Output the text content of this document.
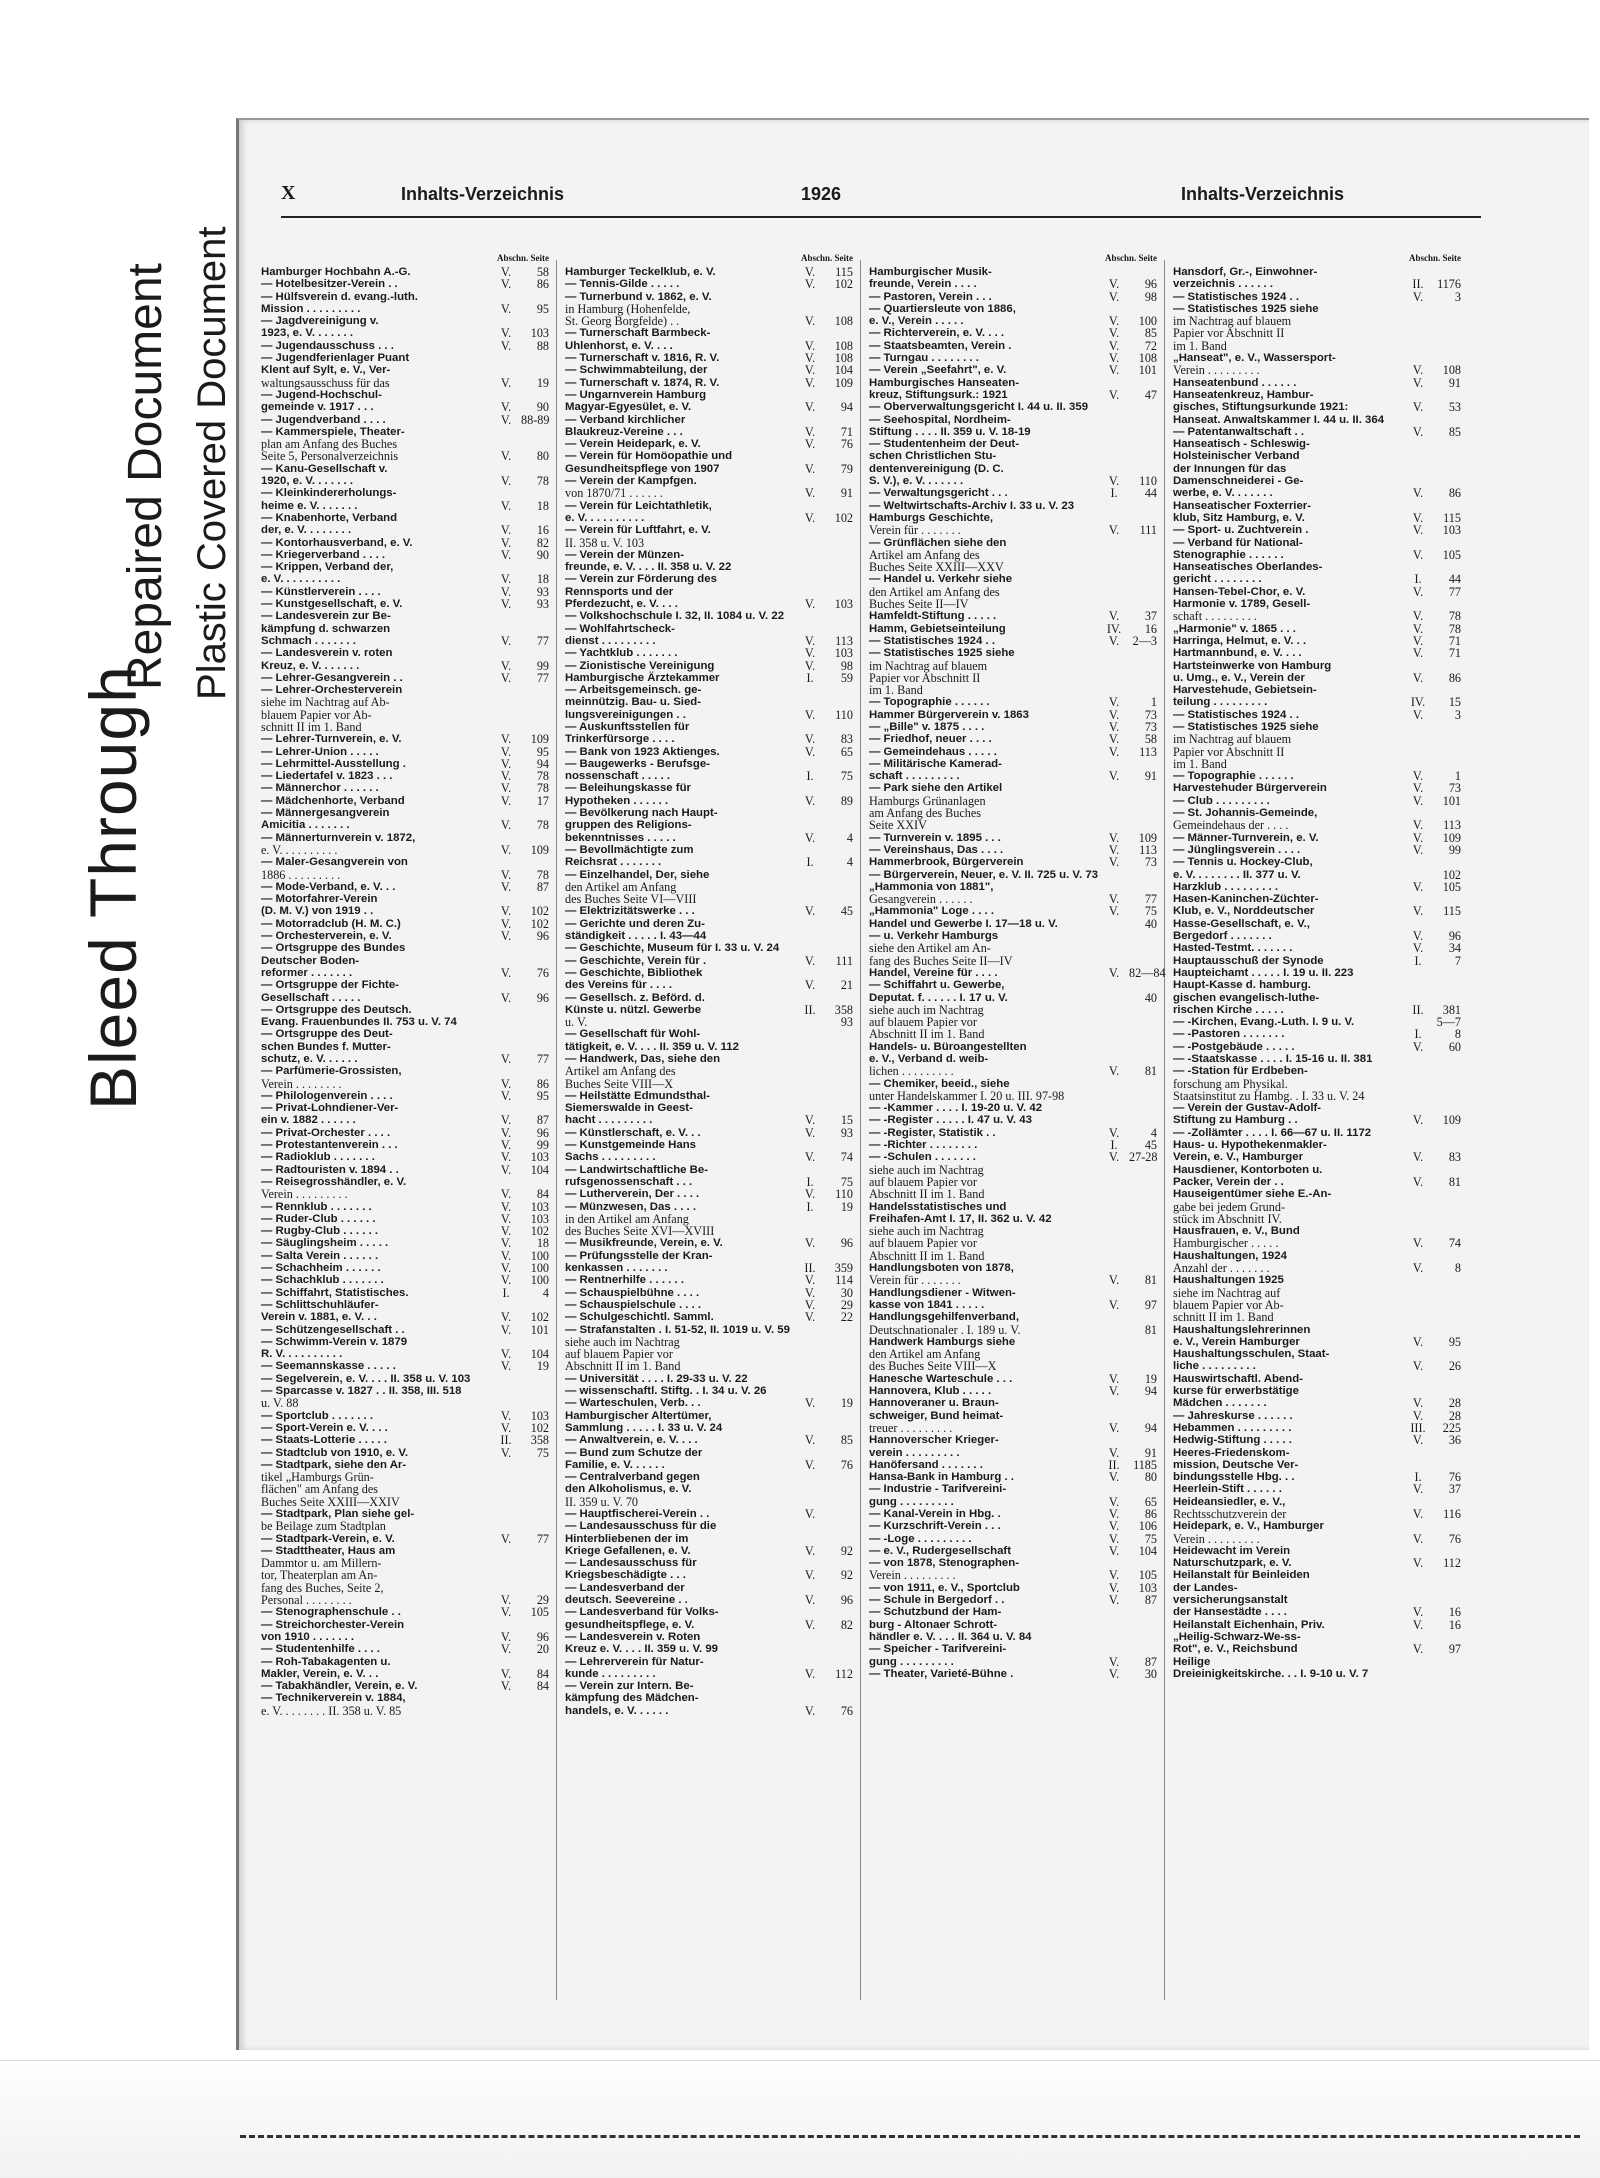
Bleed Through
Repaired Document Plastic Covered Document
X	Inhalts-Verzeichnis	1926	Inhalts-Verzeichnis
Abschn. Seite
Hamburger Hochbahn A.-G.	V.	58
— Hotelbesitzer-Verein . .	V.	86
— Hülfsverein d. evang.-luth.
Mission . . . . . . . . .	V.	95
— Jagdvereinigung v.
1923, e. V. . . . . . .	V.	103
— Jugendausschuss . . .	V.	88
— Jugendferienlager Puant
Klent auf Sylt, e. V., Ver-
waltungsausschuss für das	V.	19
— Jugend-Hochschul-
gemeinde v. 1917 . . .	V.	90
— Jugendverband . . . .	V. 88-89
— Kammerspiele, Theater-
plan am Anfang des Buches
Seite 5, Personalverzeichnis	V.	80
— Kanu-Gesellschaft v.
1920, e. V. . . . . . .	V.	78
— Kleinkindererholungs-
heime e. V. . . . . . .	V.	18
— Knabenhorte, Verband
der, e. V. . . . . . . .	V.	16
— Kontorhausverband, e. V.	V.	82
— Kriegerverband . . . .	V.	90
— Krippen, Verband der,
e. V. . . . . . . . . .	V.	18
— Künstlerverein . . . .	V.	93
— Kunstgesellschaft, e. V.	V.	93
— Landesverein zur Be-
kämpfung d. schwarzen
Schmach . . . . . . .	V.	77
— Landesverein v. roten
Kreuz, e. V. . . . . . .	V.	99
— Lehrer-Gesangverein . .	V.	77
— Lehrer-Orchesterverein
siehe im Nachtrag auf Ab-
blauem Papier vor Ab-
schnitt II im 1. Band
— Lehrer-Turnverein, e. V.	V.	109
— Lehrer-Union . . . . .	V.	95
— Lehrmittel-Ausstellung .	V.	94
— Liedertafel v. 1823 . . .	V.	78
— Männerchor . . . . . .	V.	78
— Mädchenhorte, Verband	V.	17
— Männergesangverein
Amicitia . . . . . . .	V.	78
— Männerturnverein v. 1872,
e. V. . . . . . . . . .	V.	109
— Maler-Gesangverein von
1886 . . . . . . . . .	V.	78
— Mode-Verband, e. V. . .	V.	87
— Motorfahrer-Verein
(D. M. V.) von 1919 . .	V.	102
— Motorradclub (H. M. C.)	V.	102
— Orchesterverein, e. V.	V.	96
— Ortsgruppe des Bundes
Deutscher Boden-
reformer . . . . . . .	V.	76
— Ortsgruppe der Fichte-
Gesellschaft . . . . .	V.	96
— Ortsgruppe des Deutsch.
Evang. Frauenbundes II. 753 u. V. 74
— Ortsgruppe des Deut-
schen Bundes f. Mutter-
schutz, e. V. . . . . .	V.	77
— Parfümerie-Grossisten,
Verein . . . . . . . .	V.	86
— Philologenverein . . . .	V.	95
— Privat-Lohndiener-Ver-
ein v. 1882 . . . . . .	V.	87
— Privat-Orchester . . . .	V.	96
— Protestantenverein . . .	V.	99
— Radioklub . . . . . . .	V.	103
— Radtouristen v. 1894 . .	V.	104
— Reisegrosshändler, e. V.
Verein . . . . . . . . .	V.	84
— Rennklub . . . . . . .	V.	103
— Ruder-Club . . . . . .	V.	103
— Rugby-Club . . . . . .	V.	102
— Säuglingsheim . . . . .	V.	18
— Salta Verein . . . . . .	V.	100
— Schachheim . . . . . .	V.	100
— Schachklub . . . . . . .	V.	100
— Schiffahrt, Statistisches.	I.	4
— Schlittschuhläufer-
Verein v. 1881, e. V. . .	V.	102
— Schützengesellschaft . .	V.	101
— Schwimm-Verein v. 1879
R. V. . . . . . . . . .	V.	104
— Seemannskasse . . . . .	V.	19
— Segelverein, e. V. . . . II. 358 u. V. 103
— Sparcasse v. 1827 . . II. 358, III. 518
u. V. 88
— Sportclub . . . . . . .	V.	103
— Sport-Verein e. V. . . .	V.	102
— Staats-Lotterie . . . . .	II.	358
— Stadtclub von 1910, e. V.	V.	75
— Stadtpark, siehe den Ar-
tikel „Hamburgs Grün-
flächen" am Anfang des
Buches Seite XXIII—XXIV
— Stadtpark, Plan siehe gel-
be Beilage zum Stadtplan
— Stadtpark-Verein, e. V.	V.	77
— Stadttheater, Haus am
Dammtor u. am Millern-
tor, Theaterplan am An-
fang des Buches, Seite 2,
Personal . . . . . . . .	V.	29
— Stenographenschule . .	V.	105
— Streichorchester-Verein
von 1910 . . . . . . .	V.	96
— Studentenhilfe . . . .	V.	20
— Roh-Tabakagenten u.
Makler, Verein, e. V. . .	V.	84
— Tabakhändler, Verein, e. V.	V.	84
— Technikerverein v. 1884,
e. V. . . . . . . . II. 358 u. V. 85
Abschn. Seite
Hamburger Teckelklub, e. V.	V.	115
— Tennis-Gilde . . . . .	V.	102
— Turnerbund v. 1862, e. V.
in Hamburg (Hohenfelde,
St. Georg Borgfelde) . .	V.	108
— Turnerschaft Barmbeck-
Uhlenhorst, e. V. . . .	V.	108
— Turnerschaft v. 1816, R. V.	V.	108
— Schwimmabteilung, der	V.	104
— Turnerschaft v. 1874, R. V.	V.	109
— Ungarnverein Hamburg
Magyar-Egyesület, e. V.	V.	94
— Verband kirchlicher
Blaukreuz-Vereine . . .	V.	71
— Verein Heidepark, e. V.	V.	76
— Verein für Homöopathie und
Gesundheitspflege von 1907	V.	79
— Verein der Kampfgen.
von 1870/71 . . . . . .	V.	91
— Verein für Leichtathletik,
e. V. . . . . . . . . .	V.	102
— Verein für Luftfahrt, e. V.
II. 358 u. V. 103
— Verein der Münzen-
freunde, e. V. . . . II. 358 u. V. 22
— Verein zur Förderung des
Rennsports und der
Pferdezucht, e. V. . . .	V.	103
— Volkshochschule I. 32, II. 1084 u. V. 22
— Wohlfahrtscheck-
dienst . . . . . . . . .	V.	113
— Yachtklub . . . . . . .	V.	103
— Zionistische Vereinigung	V.	98
Hamburgische Ärztekammer	I.	59
— Arbeitsgemeinsch. ge-
meinnützig. Bau- u. Sied-
lungsvereinigungen . .	V.	110
— Auskunftsstellen für
Trinkerfürsorge . . . .	V.	83
— Bank von 1923 Aktienges.	V.	65
— Baugewerks - Berufsge-
nossenschaft . . . . .	I.	75
— Beleihungskasse für
Hypotheken . . . . . .	V.	89
— Bevölkerung nach Haupt-
gruppen des Religions-
bekenntnisses . . . . .	V.	4
— Bevollmächtigte zum
Reichsrat . . . . . . .	I.	4
— Einzelhandel, Der, siehe
den Artikel am Anfang
des Buches Seite VI—VIII
— Elektrizitätswerke . . .	V.	45
— Gerichte und deren Zu-
ständigkeit . . . . . I. 43—44
— Geschichte, Museum für I. 33 u. V. 24
— Geschichte, Verein für .	V.	111
— Geschichte, Bibliothek
des Vereins für . . . .	V.	21
— Gesellsch. z. Beförd. d.
Künste u. nützl. Gewerbe	II.	358
u. V.	93
— Gesellschaft für Wohl-
tätigkeit, e. V. . . . II. 359 u. V. 112
— Handwerk, Das, siehe den
Artikel am Anfang des
Buches Seite VIII—X
— Heilstätte Edmundsthal-
Siemerswalde in Geest-
hacht . . . . . . . . .	V.	15
— Künstlerschaft, e. V. . .	V.	93
— Kunstgemeinde Hans
Sachs . . . . . . . . .	V.	74
— Landwirtschaftliche Be-
rufsgenossenschaft . . .	I.	75
— Lutherverein, Der . . . .	V.	110
— Münzwesen, Das . . . .	I.	19
in den Artikel am Anfang
des Buches Seite XVI—XVIII
— Musikfreunde, Verein, e. V.	V.	96
— Prüfungsstelle der Kran-
kenkassen . . . . . . .	II.	359
— Rentnerhilfe . . . . . .	V.	114
— Schauspielbühne . . . .	V.	30
— Schauspielschule . . . .	V.	29
— Schulgeschichtl. Samml.	V.	22
— Strafanstalten . I. 51-52, II. 1019 u. V. 59
siehe auch im Nachtrag
auf blauem Papier vor
Abschnitt II im 1. Band
— Universität . . . . I. 29-33 u. V. 22
— wissenschaftl. Stiftg. . I. 34 u. V. 26
— Warteschulen, Verb. . .	V.	19
Hamburgischer Altertümer,
Sammlung . . . . . I. 33 u. V. 24
— Anwaltverein, e. V. . . .	V.	85
— Bund zum Schutze der
Familie, e. V. . . . . .	V.	76
— Centralverband gegen
den Alkoholismus, e. V.
II. 359 u. V. 70
— Hauptfischerei-Verein . .	V.
— Landesausschuss für die
Hinterbliebenen der im
Kriege Gefallenen, e. V.	V.	92
— Landesausschuss für
Kriegsbeschädigte . . .	V.	92
— Landesverband der
deutsch. Seevereine . .	V.	96
— Landesverband für Volks-
gesundheitspflege, e. V.	V.	82
— Landesverein v. Roten
Kreuz e. V. . . . II. 359 u. V. 99
— Lehrerverein für Natur-
kunde . . . . . . . . .	V.	112
— Verein zur Intern. Be-
kämpfung des Mädchen-
handels, e. V. . . . . .	V.	76
Abschn. Seite
Hamburgischer Musik-
freunde, Verein . . . .	V.	96
— Pastoren, Verein . . .	V.	98
— Quartiersleute von 1886,
e. V., Verein . . . . .	V.	100
— Richterverein, e. V. . . .	V.	85
— Staatsbeamten, Verein .	V.	72
— Turngau . . . . . . . .	V.	108
— Verein „Seefahrt", e. V.	V.	101
Hamburgisches Hanseaten-
kreuz, Stiftungsurk.: 1921	V.	47
— Oberverwaltungsgericht I. 44 u. II. 359
— Seehospital, Nordheim-
Stiftung . . . . II. 359 u. V. 18-19
— Studentenheim der Deut-
schen Christlichen Stu-
dentenvereinigung (D. C.
S. V.), e. V. . . . . . .	V.	110
— Verwaltungsgericht . . .	I.	44
— Weltwirtschafts-Archiv I. 33 u. V. 23
Hamburgs Geschichte,
Verein für . . . . . . .	V.	111
— Grünflächen siehe den
Artikel am Anfang des
Buches Seite XXIII—XXV
— Handel u. Verkehr siehe
den Artikel am Anfang des
Buches Seite II—IV
Hamfeldt-Stiftung . . . . .	V.	37
Hamm, Gebietseinteilung	IV.	16
— Statistisches 1924 . .	V.	2—3
— Statistisches 1925 siehe
im Nachtrag auf blauem
Papier vor Abschnitt II
im 1. Band
— Topographie . . . . . .	V.	1
Hammer Bürgerverein v. 1863	V.	73
— „Bille" v. 1875 . . . .	V.	73
— Friedhof, neuer . . . .	V.	58
— Gemeindehaus . . . . .	V.	113
— Militärische Kamerad-
schaft . . . . . . . . .	V.	91
— Park siehe den Artikel
Hamburgs Grünanlagen
am Anfang des Buches
Seite XXIV
— Turnverein v. 1895 . . .	V.	109
— Vereinshaus, Das . . . .	V.	113
Hammerbrook, Bürgerverein	V.	73
— Bürgerverein, Neuer, e. V. II. 725 u. V. 73
„Hammonia von 1881",
Gesangverein . . . . . .	V.	77
„Hammonia" Loge . . . .	V.	75
Handel und Gewerbe I. 17—18 u. V.	40
— u. Verkehr Hamburgs
siehe den Artikel am An-
fang des Buches Seite II—IV
Handel, Vereine für . . . .	V. 82—84
— Schiffahrt u. Gewerbe,
Deputat. f. . . . . . I. 17 u. V.	40
siehe auch im Nachtrag
auf blauem Papier vor
Abschnitt II im 1. Band
Handels- u. Büroangestellten
e. V., Verband d. weib-
lichen . . . . . . . . .	V.	81
— Chemiker, beeid., siehe
unter Handelskammer I. 20 u. III. 97-98
— -Kammer . . . . I. 19-20 u. V. 42
— -Register . . . . . I. 47 u. V. 43
— -Register, Statistik . .	V.	4
— -Richter . . . . . . . .	I.	45
— -Schulen . . . . . . .	V. 27-28
siehe auch im Nachtrag
auf blauem Papier vor
Abschnitt II im 1. Band
Handelsstatistisches und
Freihafen-Amt I. 17, II. 362 u. V. 42
siehe auch im Nachtrag
auf blauem Papier vor
Abschnitt II im 1. Band
Handlungsboten von 1878,
Verein für . . . . . . .	V.	81
Handlungsdiener - Witwen-
kasse von 1841 . . . . .	V.	97
Handlungsgehilfenverband,
Deutschnationaler . I. 189 u. V.	81
Handwerk Hamburgs siehe
den Artikel am Anfang
des Buches Seite VIII—X
Hanesche Warteschule . . .	V.	19
Hannovera, Klub . . . . .	V.	94
Hannoveraner u. Braun-
schweiger, Bund heimat-
treuer . . . . . . . . .	V.	94
Hannoverscher Krieger-
verein . . . . . . . . .	V.	91
Hanöfersand . . . . . . .	II.	1185
Hansa-Bank in Hamburg . .	V.	80
— Industrie - Tarifvereini-
gung . . . . . . . . .	V.	65
— Kanal-Verein in Hbg. .	V.	86
— Kurzschrift-Verein . . .	V.	106
— -Loge . . . . . . . . .	V.	75
— e. V., Rudergesellschaft	V.	104
— von 1878, Stenographen-
Verein . . . . . . . . .	V.	105
— von 1911, e. V., Sportclub	V.	103
— Schule in Bergedorf . .	V.	87
— Schutzbund der Ham-
burg - Altonaer Schrott-
händler e. V. . . . II. 364 u. V. 84
— Speicher - Tarifvereini-
gung . . . . . . . . .	V.	87
— Theater, Varieté-Bühne .	V.	30
Abschn. Seite
Hansdorf, Gr.-, Einwohner-
verzeichnis . . . . . .	II.	1176
— Statistisches 1924 . .	V.	3
— Statistisches 1925 siehe
im Nachtrag auf blauem
Papier vor Abschnitt II
im 1. Band
„Hanseat", e. V., Wassersport-
Verein . . . . . . . . .	V.	108
Hanseatenbund . . . . . .	V.	91
Hanseatenkreuz, Hambur-
gisches, Stiftungsurkunde 1921:	V.	53
Hanseat. Anwaltskammer I. 44 u. II. 364
— Patentanwaltschaft . .	V.	85
Hanseatisch - Schleswig-
Holsteinischer Verband
der Innungen für das
Damenschneiderei - Ge-
werbe, e. V. . . . . . .	V.	86
Hanseatischer Foxterrier-
klub, Sitz Hamburg, e. V.	V.	115
— Sport- u. Zuchtverein .	V.	103
— Verband für National-
Stenographie . . . . . .	V.	105
Hanseatisches Oberlandes-
gericht . . . . . . . .	I.	44
Hansen-Tebel-Chor, e. V.	V.	77
Harmonie v. 1789, Gesell-
schaft . . . . . . . . .	V.	78
„Harmonie" v. 1865 . . .	V.	78
Harringa, Helmut, e. V. . .	V.	71
Hartmannbund, e. V. . . .	V.	71
Hartsteinwerke von Hamburg
u. Umg., e. V., Verein der	V.	86
Harvestehude, Gebietsein-
teilung . . . . . . . . .	IV.	15
— Statistisches 1924 . .	V.	3
— Statistisches 1925 siehe
im Nachtrag auf blauem
Papier vor Abschnitt II
im 1. Band
— Topographie . . . . . .	V.	1
Harvestehuder Bürgerverein	V.	73
— Club . . . . . . . . .	V.	101
— St. Johannis-Gemeinde,
Gemeindehaus der . . . .	V.	113
— Männer-Turnverein, e. V.	V.	109
— Jünglingsverein . . . .	V.	99
— Tennis u. Hockey-Club,
e. V. . . . . . . . II. 377 u. V.	102
Harzklub . . . . . . . . .	V.	105
Hasen-Kaninchen-Züchter-
Klub, e. V., Norddeutscher	V.	115
Hasse-Gesellschaft, e. V.,
Bergedorf . . . . . . .	V.	96
Hasted-Testmt. . . . . . .	V.	34
Hauptausschuß der Synode	I.	7
Haupteichamt . . . . . I. 19 u. II. 223
Haupt-Kasse d. hamburg.
gischen evangelisch-luthe-
rischen Kirche . . . . .	II.	381
— -Kirchen, Evang.-Luth. I. 9 u. V.	5—7
— -Pastoren . . . . . . .	I.	8
— -Postgebäude . . . . .	V.	60
— -Staatskasse . . . . I. 15-16 u. II. 381
— -Station für Erdbeben-
forschung am Physikal.
Staatsinstitut zu Hambg. . I. 33 u. V. 24
— Verein der Gustav-Adolf-
Stiftung zu Hamburg . .	V.	109
— -Zollämter . . . . I. 66—67 u. II. 1172
Haus- u. Hypothekenmakler-
Verein, e. V., Hamburger	V.	83
Hausdiener, Kontorboten u.
Packer, Verein der . .	V.	81
Hauseigentümer siehe E.-An-
gabe bei jedem Grund-
stück im Abschnitt IV.
Hausfrauen, e. V., Bund
Hamburgischer . . . . .	V.	74
Haushaltungen, 1924
Anzahl der . . . . . . .	V.	8
Haushaltungen 1925
siehe im Nachtrag auf
blauem Papier vor Ab-
schnitt II im 1. Band
Haushaltungslehrerinnen
e. V., Verein Hamburger	V.	95
Haushaltungsschulen, Staat-
liche . . . . . . . . .	V.	26
Hauswirtschaftl. Abend-
kurse für erwerbstätige
Mädchen . . . . . . .	V.	28
— Jahreskurse . . . . . .	V.	28
Hebammen . . . . . . . . .	III.	225
Hedwig-Stiftung . . . . .	V.	36
Heeres-Friedenskom-
mission, Deutsche Ver-
bindungsstelle Hbg. . .	I.	76
Heerlein-Stift . . . . . .	V.	37
Heideansiedler, e. V.,
Rechtsschutzverein der	V.	116
Heidepark, e. V., Hamburger
Verein . . . . . . . . .	V.	76
Heidewacht im Verein
Naturschutzpark, e. V.	V.	112
Heilanstalt für Beinleiden
der Landes-
versicherungsanstalt
der Hansestädte . . . .	V.	16
Heilanstalt Eichenhain, Priv.	V.	16
„Heilig-Schwarz-We-ss-
Rot", e. V., Reichsbund	V.	97
Heilige
Dreieinigkeitskirche. . . I. 9-10 u. V. 7
